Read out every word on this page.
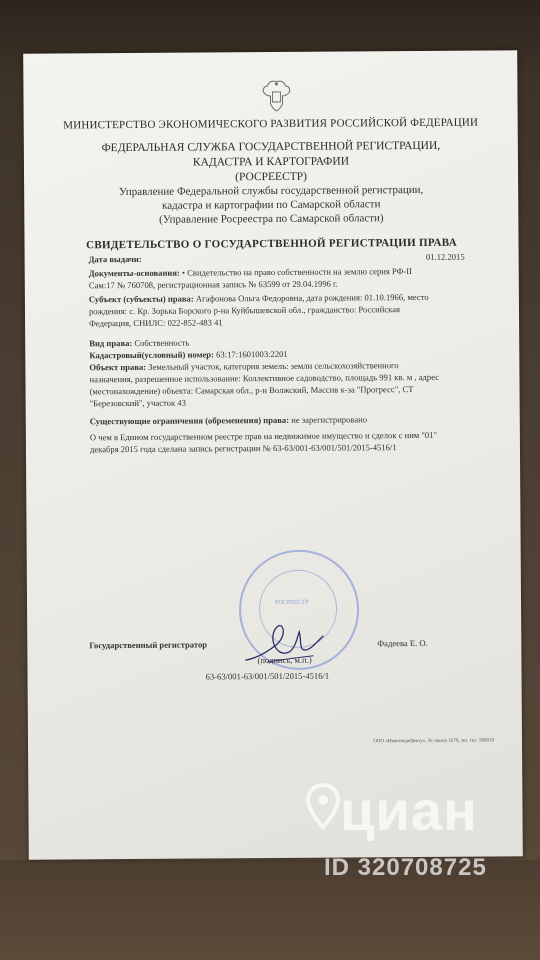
МИНИСТЕРСТВО ЭКОНОМИЧЕСКОГО РАЗВИТИЯ РОССИЙСКОЙ ФЕДЕРАЦИИ
ФЕДЕРАЛЬНАЯ СЛУЖБА ГОСУДАРСТВЕННОЙ РЕГИСТРАЦИИ,
КАДАСТРА И КАРТОГРАФИИ
(РОСРЕЕСТР)
Управление Федеральной службы государственной регистрации,
кадастра и картографии по Самарской области
(Управление Росреестра по Самарской области)
СВИДЕТЕЛЬСТВО О ГОСУДАРСТВЕННОЙ РЕГИСТРАЦИИ ПРАВА
Дата выдачи:	01.12.2015
Документы-основания: • Свидетельство на право собственности на землю серия РФ-II
Сам:17 № 760708, регистрационная запись № 63599 от 29.04.1996 г.
Субъект (субъекты) права: Агафонова Ольга Федоровна, дата рождения: 01.10.1966, место
рождения: с. Кр. Зорька Борского р-на Куйбышевской обл., гражданство: Российская
Федерация, СНИЛС: 022-852-483 41
Вид права: Собственность
Кадастровый(условный) номер: 63:17:1601003:2201
Объект права: Земельный участок, категория земель: земли сельскохозяйственного
назначения, разрешенное использование: Коллективное садоводство, площадь 991 кв. м , адрес
(местонахождение) объекта: Самарская обл., р-н Волжский, Массив к-за "Прогресс", СТ
"Березовский", участок 43
Существующие ограничения (обременения) права: не зарегистрировано
О чем в Едином государственном реестре прав на недвижимое имущество и сделок с ним "01"
декабря 2015 года сделана запись регистрации № 63-63/001-63/001/501/2015-4516/1
РОСРЕЕСТР
Государственный регистратор	Фадеева Е. О.
(подпись, м.п.)
63-63/001-63/001/501/2015-4516/1
ООО «Ивантекрефекту», № заказа 1679, экз. тел. 509019
циан
ID 320708725
